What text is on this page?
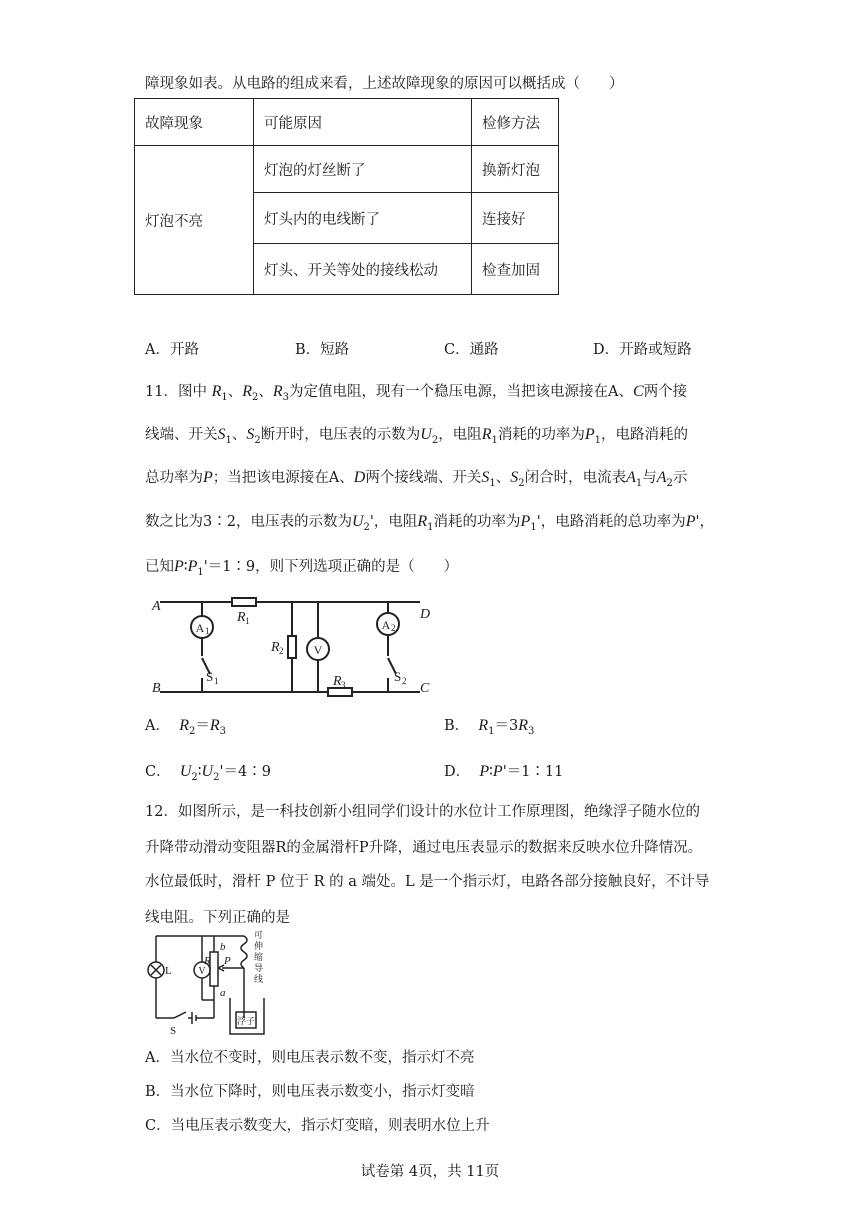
障现象如表。从电路的组成来看，上述故障现象的原因可以概括成（　　）
故障现象	可能原因	检修方法
灯泡不亮	灯泡的灯丝断了	换新灯泡
	灯头内的电线断了	连接好
	灯头、开关等处的接线松动	检查加固
A．开路	B．短路	C．通路	D．开路或短路
11．图中 $R_1$、$R_2$、$R_3$为定值电阻，现有一个稳压电源，当把该电源接在A、C两个接
线端、开关$S_1$、$S_2$断开时，电压表的示数为$U_2$，电阻$R_1$消耗的功率为$P_1$，电路消耗的
总功率为P；当把该电源接在A、D两个接线端、开关$S_1$、$S_2$闭合时，电流表$A_1$与$A_2$示
数之比为3∶2，电压表的示数为$U_2'$，电阻$R_1$消耗的功率为$P_1'$，电路消耗的总功率为P'，
已知$P∶P_1'=1∶9$，则下列选项正确的是（　　）
A
B	C
D
R
R
R
1
2
3
1	2
1	2
A	A
V
S	S
A． $R_2=R_3$	B． $R_1=3R_3$
C． $U_2∶U_2'=4∶9$	D． P∶P'＝1∶11
12．如图所示，是一科技创新小组同学们设计的水位计工作原理图，绝缘浮子随水位的
升降带动滑动变阻器R的金属滑杆P升降，通过电压表显示的数据来反映水位升降情况。
水位最低时，滑杆 P 位于 R 的 a 端处。L 是一个指示灯，电路各部分接触良好，不计导
线电阻。下列正确的是
L
S
R P
b
a
V
浮子
可
伸
缩
导
线
A．当水位不变时，则电压表示数不变，指示灯不亮
B．当水位下降时，则电压表示数变小，指示灯变暗
C．当电压表示数变大，指示灯变暗，则表明水位上升
试卷第 4页，共 11页
